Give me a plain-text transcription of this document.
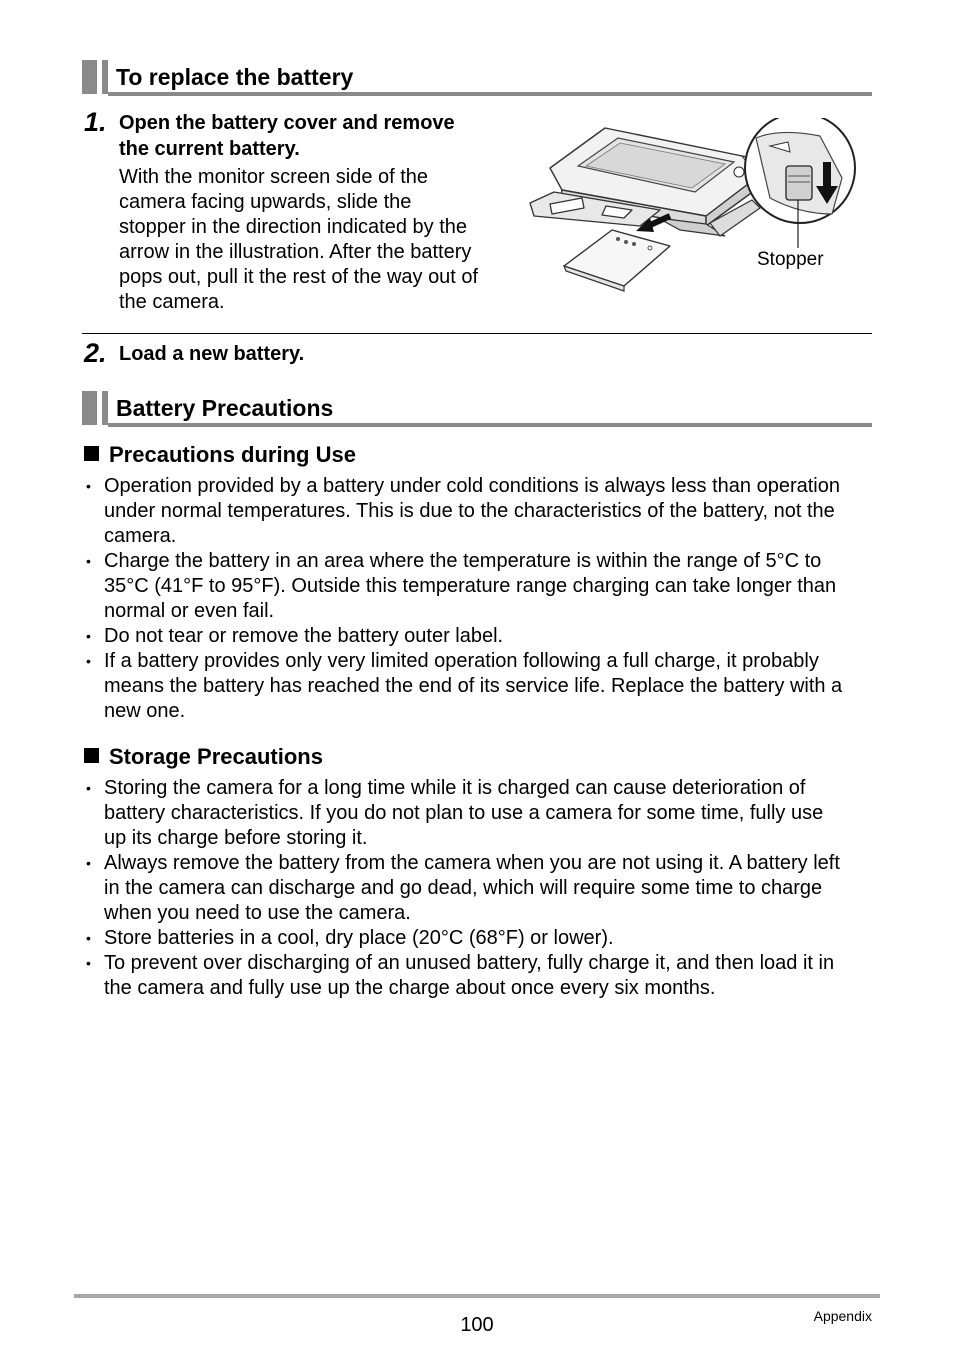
To replace the battery
1. Open the battery cover and remove
the current battery.
With the monitor screen side of the
camera facing upwards, slide the
stopper in the direction indicated by the
arrow in the illustration. After the battery
pops out, pull it the rest of the way out of
the camera.
Stopper
2. Load a new battery.
Battery Precautions
Precautions during Use
• Operation provided by a battery under cold conditions is always less than operation
under normal temperatures. This is due to the characteristics of the battery, not the
camera.
• Charge the battery in an area where the temperature is within the range of 5°C to
35°C (41°F to 95°F). Outside this temperature range charging can take longer than
normal or even fail.
• Do not tear or remove the battery outer label.
• If a battery provides only very limited operation following a full charge, it probably
means the battery has reached the end of its service life. Replace the battery with a
new one.
Storage Precautions
• Storing the camera for a long time while it is charged can cause deterioration of
battery characteristics. If you do not plan to use a camera for some time, fully use
up its charge before storing it.
• Always remove the battery from the camera when you are not using it. A battery left
in the camera can discharge and go dead, which will require some time to charge
when you need to use the camera.
• Store batteries in a cool, dry place (20°C (68°F) or lower).
• To prevent over discharging of an unused battery, fully charge it, and then load it in
the camera and fully use up the charge about once every six months.
100	Appendix
